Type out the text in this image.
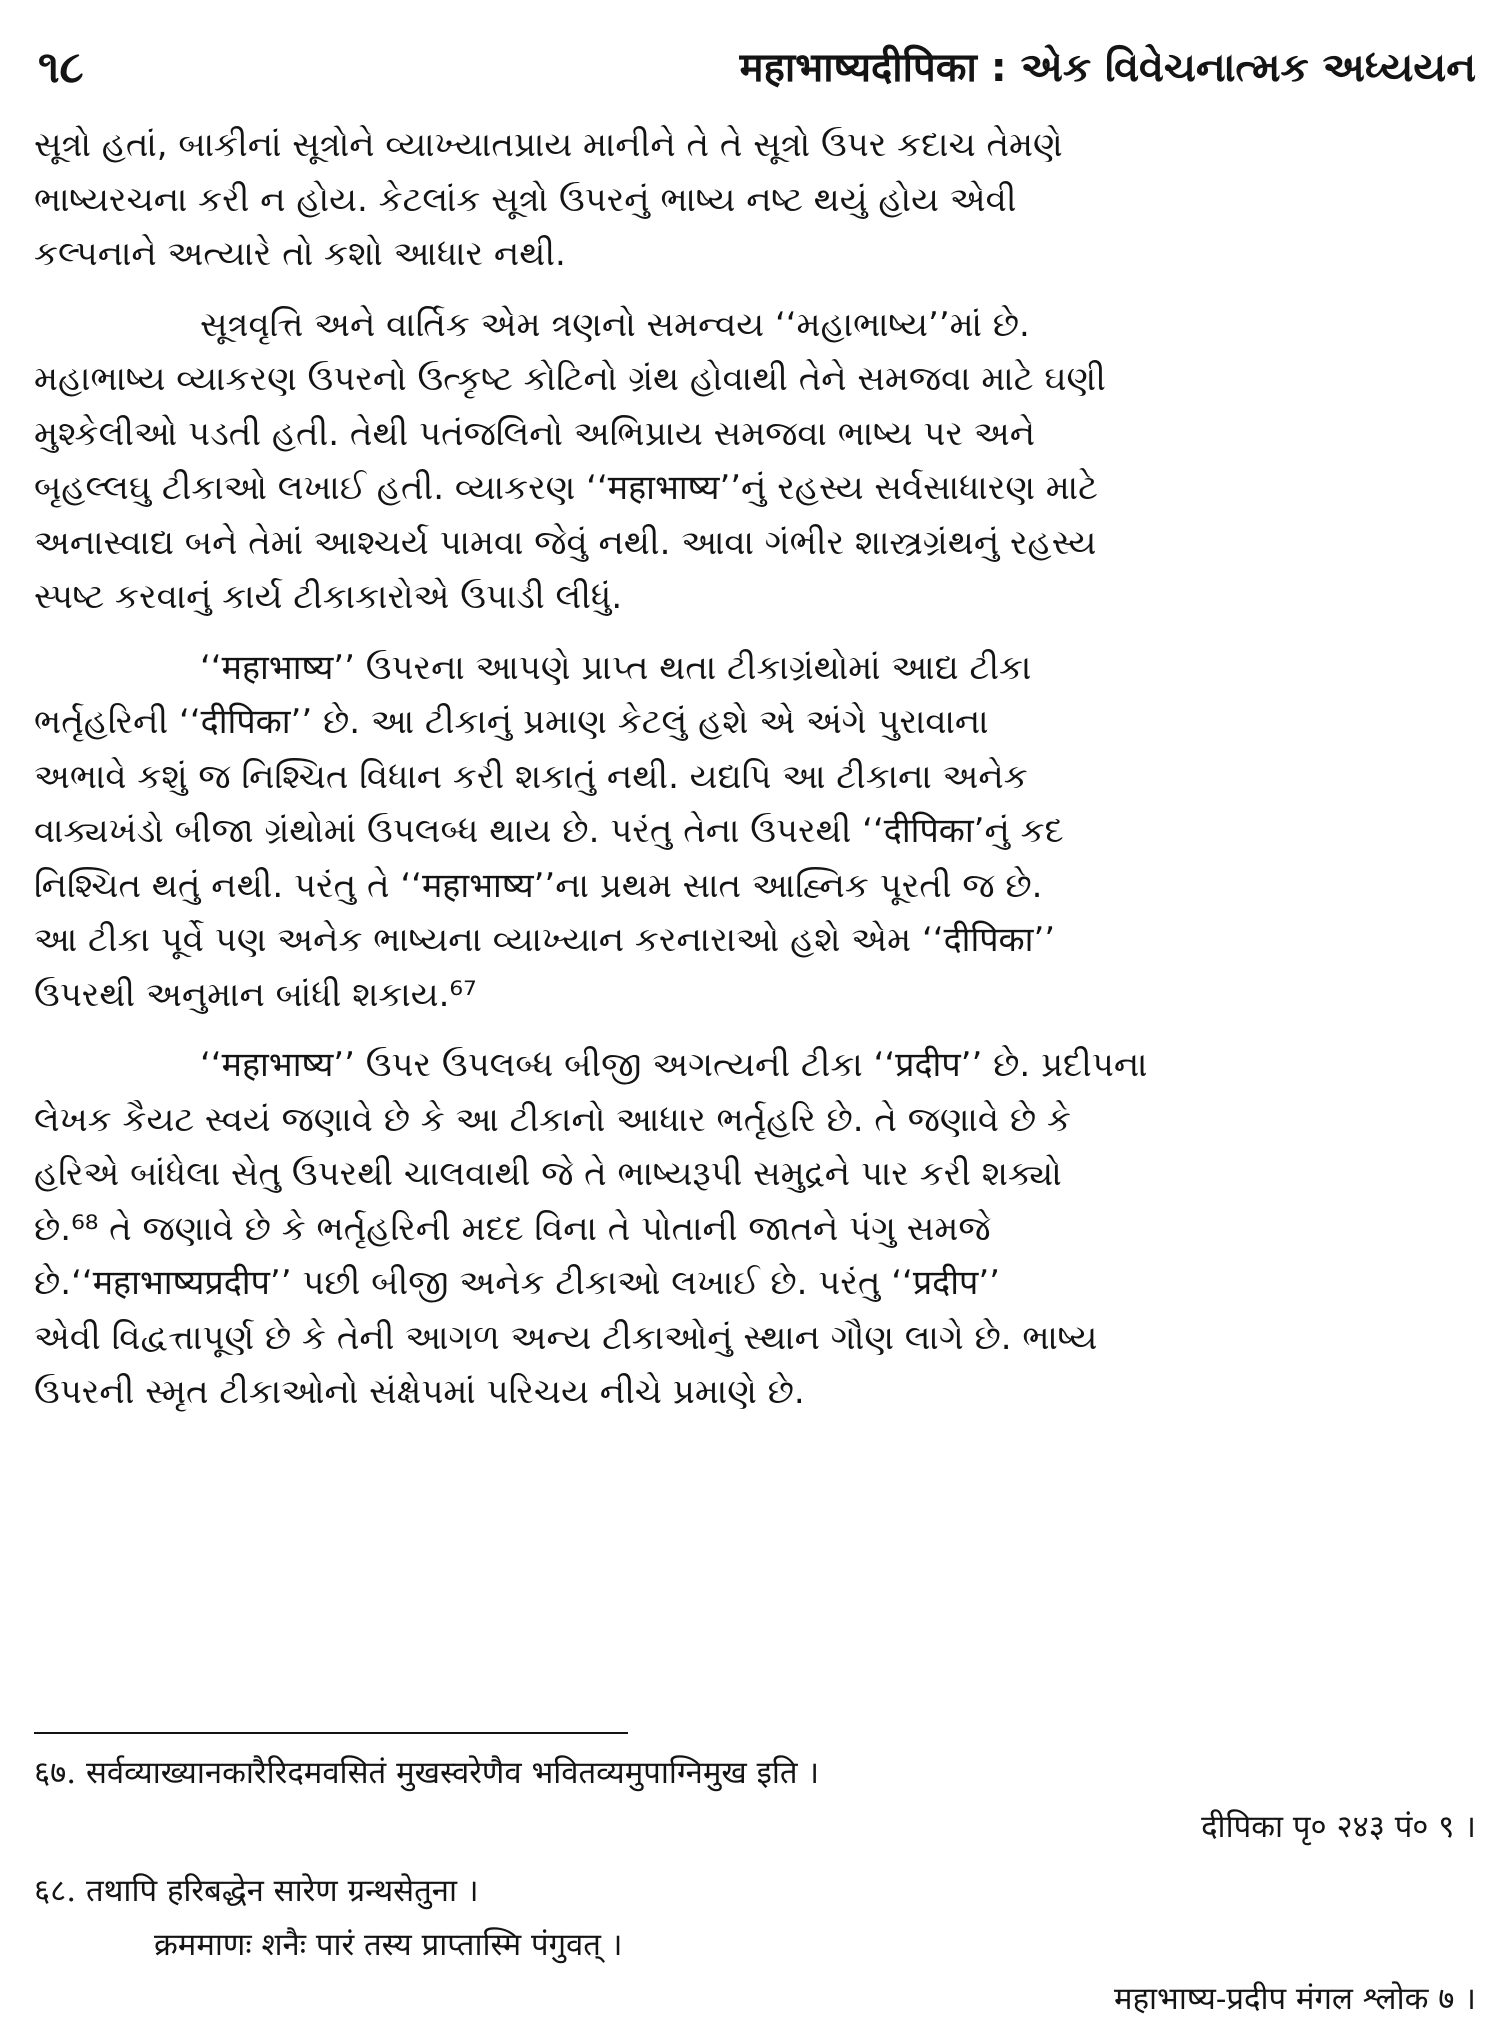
૧૮	महाभाष्यदीपिका : એક વિવેચનાત્મક અધ્યયન

સૂત્રો હતાં, બાકીનાં સૂત્રોને વ્યાખ્યાતપ્રાય માનીને તે તે સૂત્રો ઉપર કદાચ તેમણે
ભાષ્યરચના કરી ન હોય. કેટલાંક સૂત્રો ઉપરનું ભાષ્ય નષ્ટ થયું હોય એવી
કલ્પનાને અત્યારે તો કશો આધાર નથી.

સૂત્રવૃત્તિ અને વાર્તિક એમ ત્રણનો સમન્વય ‘‘મહાભાષ્ય’’માં છે.
મહાભાષ્ય વ્યાકરણ ઉપરનો ઉત્કૃષ્ટ કોટિનો ગ્રંથ હોવાથી તેને સમજવા માટે ઘણી
મુશ્કેલીઓ પડતી હતી. તેથી પતંજલિનો અભિપ્રાય સમજવા ભાષ્ય પર અને
બૃહલ્લઘુ ટીકાઓ લખાઈ હતી. વ્યાકરણ ‘‘महाभाष्य’’નું રહસ્ય સર્વસાધારણ માટે
અનાસ્વાદ્ય બને તેમાં આશ્ચર્ય પામવા જેવું નથી. આવા ગંભીર શાસ્ત્રગ્રંથનું રહસ્ય
સ્પષ્ટ કરવાનું કાર્ય ટીકાકારોએ ઉપાડી લીધું.

‘‘महाभाष्य’’ ઉપરના આપણે પ્રાપ્ત થતા ટીકાગ્રંથોમાં આદ્ય ટીકા
ભર્તૃહરિની ‘‘दीपिका’’ છે. આ ટીકાનું પ્રમાણ કેટલું હશે એ અંગે પુરાવાના
અભાવે કશું જ નિશ્ચિત વિધાન કરી શકાતું નથી. યદ્યપિ આ ટીકાના અનેક
વાક્યખંડો બીજા ગ્રંથોમાં ઉપલબ્ધ થાય છે. પરંતુ તેના ઉપરથી ‘‘दीपिका’નું કદ
નિશ્ચિત થતું નથી. પરંતુ તે ‘‘महाभाष्य’’ના પ્રથમ સાત આહ્નિક પૂરતી જ છે.
આ ટીકા પૂર્વે પણ અનેક ભાષ્યના વ્યાખ્યાન કરનારાઓ હશે એમ ‘‘दीपिका’’
ઉપરથી અનુમાન બાંધી શકાય.⁶⁷

‘‘महाभाष्य’’ ઉપર ઉપલબ્ધ બીજી અગત્યની ટીકા ‘‘प्रदीप’’ છે. પ્રદીપના
લેખક કૈયટ સ્વયં જણાવે છે કે આ ટીકાનો આધાર ભર્તૃહરિ છે. તે જણાવે છે કે
હરિએ બાંધેલા સેતુ ઉપરથી ચાલવાથી જે તે ભાષ્યરૂપી સમુદ્રને પાર કરી શક્યો
છે.⁶⁸ તે જણાવે છે કે ભર્તૃહરિની મદદ વિના તે પોતાની જાતને પંગુ સમજે
છે.‘‘महाभाष्यप्रदीप’’ પછી બીજી અનેક ટીકાઓ લખાઈ છે. પરંતુ ‘‘प्रदीप’’
એવી વિદ્વત્તાપૂર્ણ છે કે તેની આગળ અન્ય ટીકાઓનું સ્થાન ગૌણ લાગે છે. ભાષ્ય
ઉપરની સ્મૃત ટીકાઓનો સંક્ષેપમાં પરિચય નીચે પ્રમાણે છે.

६७. सर्वव्याख्यानकारैरिदमवसितं मुखस्वरेणैव भवितव्यमुपाग्निमुख इति ।
दीपिका पृ० २४३ पं० ९ ।
६८. तथापि हरिबद्धेन सारेण ग्रन्थसेतुना ।
क्रममाणः शनैः पारं तस्य प्राप्तास्मि पंगुवत् ।
महाभाष्य-प्रदीप मंगल श्लोक ७ ।
